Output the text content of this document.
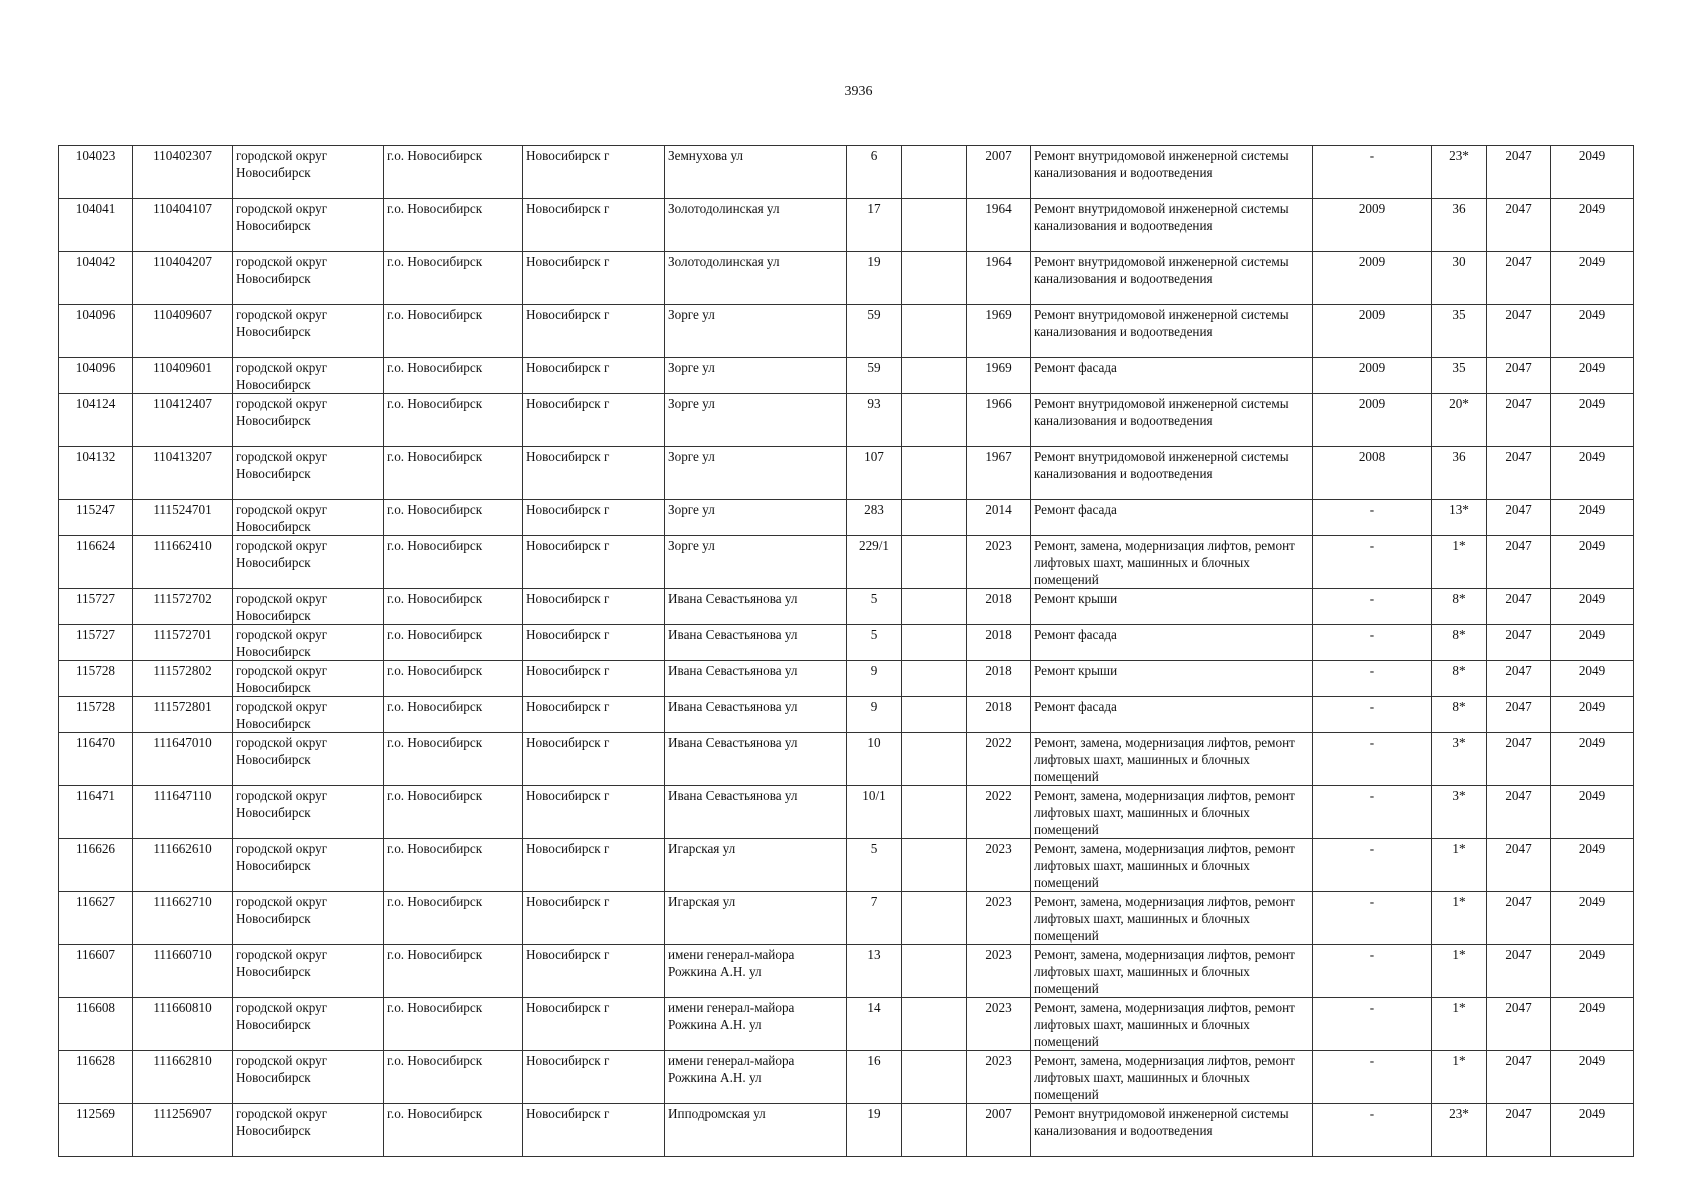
3936
104023	110402307	городской округ Новосибирск	г.о. Новосибирск	Новосибирск г	Земнухова ул	6		2007	Ремонт внутридомовой инженерной системы канализования и водоотведения	-	23*	2047	2049
104041	110404107	городской округ Новосибирск	г.о. Новосибирск	Новосибирск г	Золотодолинская ул	17		1964	Ремонт внутридомовой инженерной системы канализования и водоотведения	2009	36	2047	2049
104042	110404207	городской округ Новосибирск	г.о. Новосибирск	Новосибирск г	Золотодолинская ул	19		1964	Ремонт внутридомовой инженерной системы канализования и водоотведения	2009	30	2047	2049
104096	110409607	городской округ Новосибирск	г.о. Новосибирск	Новосибирск г	Зорге ул	59		1969	Ремонт внутридомовой инженерной системы канализования и водоотведения	2009	35	2047	2049
104096	110409601	городской округ Новосибирск	г.о. Новосибирск	Новосибирск г	Зорге ул	59		1969	Ремонт фасада	2009	35	2047	2049
104124	110412407	городской округ Новосибирск	г.о. Новосибирск	Новосибирск г	Зорге ул	93		1966	Ремонт внутридомовой инженерной системы канализования и водоотведения	2009	20*	2047	2049
104132	110413207	городской округ Новосибирск	г.о. Новосибирск	Новосибирск г	Зорге ул	107		1967	Ремонт внутридомовой инженерной системы канализования и водоотведения	2008	36	2047	2049
115247	111524701	городской округ Новосибирск	г.о. Новосибирск	Новосибирск г	Зорге ул	283		2014	Ремонт фасада	-	13*	2047	2049
116624	111662410	городской округ Новосибирск	г.о. Новосибирск	Новосибирск г	Зорге ул	229/1		2023	Ремонт, замена, модернизация лифтов, ремонт лифтовых шахт, машинных и блочных помещений	-	1*	2047	2049
115727	111572702	городской округ Новосибирск	г.о. Новосибирск	Новосибирск г	Ивана Севастьянова ул	5		2018	Ремонт крыши	-	8*	2047	2049
115727	111572701	городской округ Новосибирск	г.о. Новосибирск	Новосибирск г	Ивана Севастьянова ул	5		2018	Ремонт фасада	-	8*	2047	2049
115728	111572802	городской округ Новосибирск	г.о. Новосибирск	Новосибирск г	Ивана Севастьянова ул	9		2018	Ремонт крыши	-	8*	2047	2049
115728	111572801	городской округ Новосибирск	г.о. Новосибирск	Новосибирск г	Ивана Севастьянова ул	9		2018	Ремонт фасада	-	8*	2047	2049
116470	111647010	городской округ Новосибирск	г.о. Новосибирск	Новосибирск г	Ивана Севастьянова ул	10		2022	Ремонт, замена, модернизация лифтов, ремонт лифтовых шахт, машинных и блочных помещений	-	3*	2047	2049
116471	111647110	городской округ Новосибирск	г.о. Новосибирск	Новосибирск г	Ивана Севастьянова ул	10/1		2022	Ремонт, замена, модернизация лифтов, ремонт лифтовых шахт, машинных и блочных помещений	-	3*	2047	2049
116626	111662610	городской округ Новосибирск	г.о. Новосибирск	Новосибирск г	Игарская ул	5		2023	Ремонт, замена, модернизация лифтов, ремонт лифтовых шахт, машинных и блочных помещений	-	1*	2047	2049
116627	111662710	городской округ Новосибирск	г.о. Новосибирск	Новосибирск г	Игарская ул	7		2023	Ремонт, замена, модернизация лифтов, ремонт лифтовых шахт, машинных и блочных помещений	-	1*	2047	2049
116607	111660710	городской округ Новосибирск	г.о. Новосибирск	Новосибирск г	имени генерал-майора Рожкина А.Н. ул	13		2023	Ремонт, замена, модернизация лифтов, ремонт лифтовых шахт, машинных и блочных помещений	-	1*	2047	2049
116608	111660810	городской округ Новосибирск	г.о. Новосибирск	Новосибирск г	имени генерал-майора Рожкина А.Н. ул	14		2023	Ремонт, замена, модернизация лифтов, ремонт лифтовых шахт, машинных и блочных помещений	-	1*	2047	2049
116628	111662810	городской округ Новосибирск	г.о. Новосибирск	Новосибирск г	имени генерал-майора Рожкина А.Н. ул	16		2023	Ремонт, замена, модернизация лифтов, ремонт лифтовых шахт, машинных и блочных помещений	-	1*	2047	2049
112569	111256907	городской округ Новосибирск	г.о. Новосибирск	Новосибирск г	Ипподромская ул	19		2007	Ремонт внутридомовой инженерной системы канализования и водоотведения	-	23*	2047	2049
